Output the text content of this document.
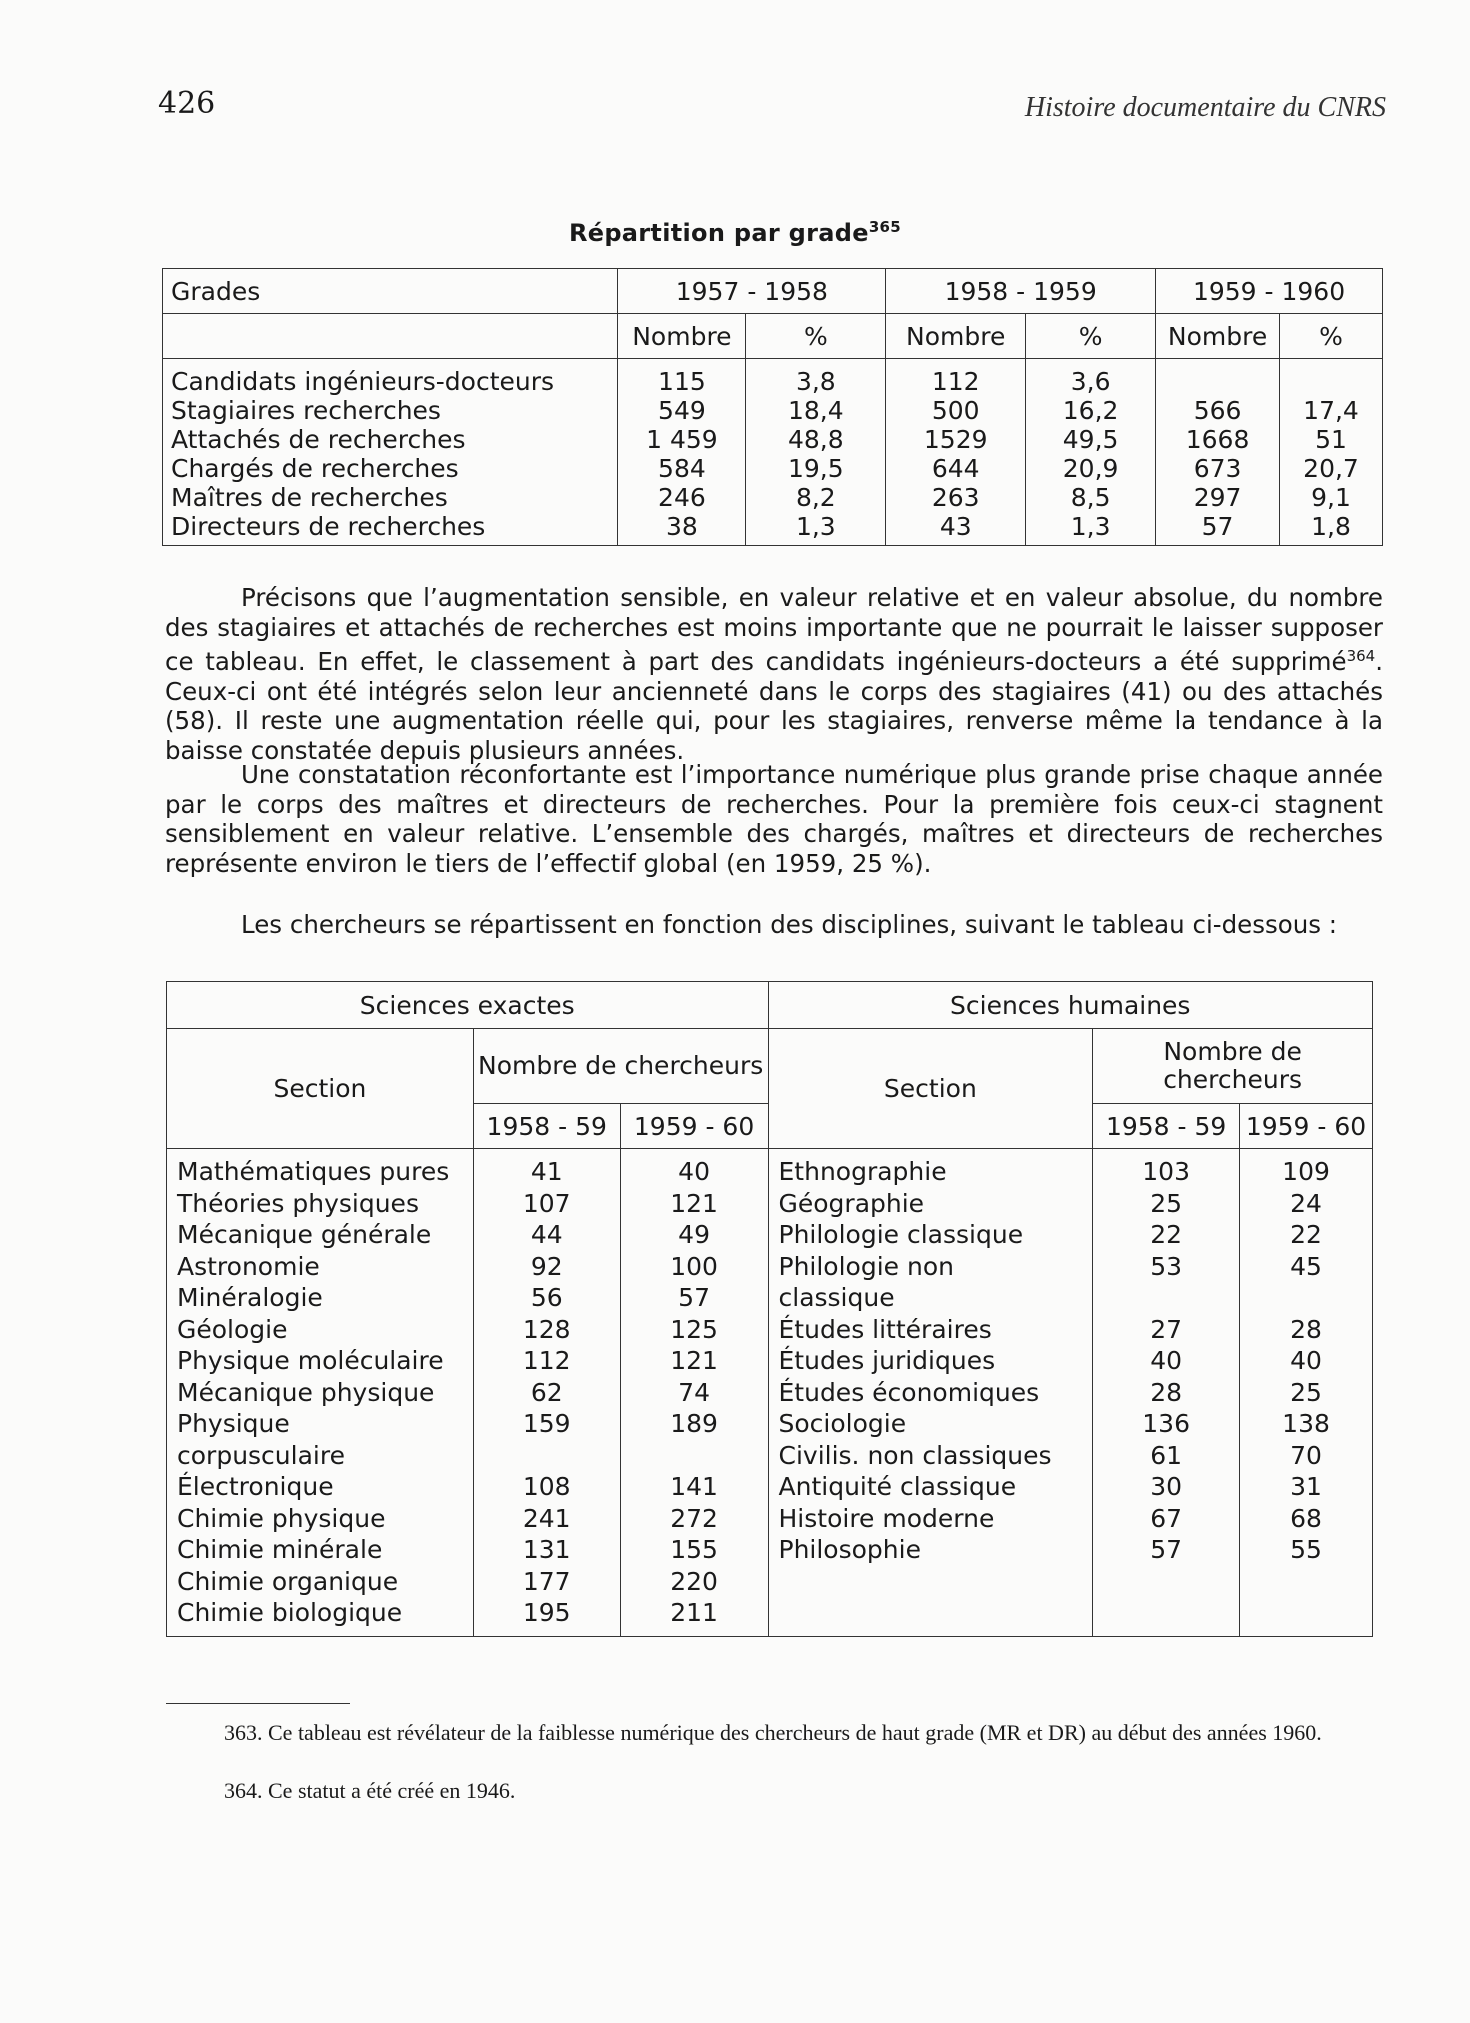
426	Histoire documentaire du CNRS
Répartition par grade$^{365}$
Grades	1957 - 1958		1958 - 1959		1959 - 1960	
	Nombre	%	Nombre	%	Nombre	%
Candidats ingénieurs-docteurs	115	3,8	112	3,6		
Stagiaires recherches	549	18,4	500	16,2	566	17,4
Attachés de recherches	1 459	48,8	1529	49,5	1668	51
Chargés de recherches	584	19,5	644	20,9	673	20,7
Maîtres de recherches	246	8,2	263	8,5	297	9,1
Directeurs de recherches	38	1,3	43	1,3	57	1,8

Précisons que l’augmentation sensible, en valeur relative et en valeur absolue, du nombre des stagiaires et attachés de recherches est moins importante que ne pourrait le laisser supposer ce tableau. En effet, le classement à part des candidats ingénieurs-docteurs a été supprimé$^{364}$. Ceux-ci ont été intégrés selon leur ancienneté dans le corps des stagiaires (41) ou des attachés (58). Il reste une augmentation réelle qui, pour les stagiaires, renverse même la tendance à la baisse constatée depuis plusieurs années.

Une constatation réconfortante est l’importance numérique plus grande prise chaque année par le corps des maîtres et directeurs de recherches. Pour la première fois ceux-ci stagnent sensiblement en valeur relative. L’ensemble des chargés, maîtres et directeurs de recherches représente environ le tiers de l’effectif global (en 1959, 25 %).

Les chercheurs se répartissent en fonction des disciplines, suivant le tableau ci-dessous :

Sciences exactes			Sciences humaines		
Section	Nombre de chercheurs		Section	Nombre de chercheurs	
	1958 - 59	1959 - 60		1958 - 59	1959 - 60
Mathématiques pures	41	40	Ethnographie	103	109
Théories physiques	107	121	Géographie	25	24
Mécanique générale	44	49	Philologie classique	22	22
Astronomie	92	100	Philologie non	53	45
Minéralogie	56	57	classique		
Géologie	128	125	Études littéraires	27	28
Physique moléculaire	112	121	Études juridiques	40	40
Mécanique physique	62	74	Études économiques	28	25
Physique	159	189	Sociologie	136	138
corpusculaire			Civilis. non classiques	61	70
Électronique	108	141	Antiquité classique	30	31
Chimie physique	241	272	Histoire moderne	67	68
Chimie minérale	131	155	Philosophie	57	55
Chimie organique	177	220			
Chimie biologique	195	211			

363. Ce tableau est révélateur de la faiblesse numérique des chercheurs de haut grade (MR et DR) au début des années 1960.

364. Ce statut a été créé en 1946.
